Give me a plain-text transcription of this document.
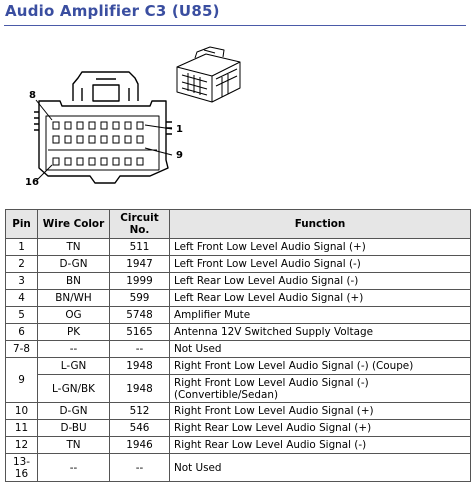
Audio Amplifier C3 (U85)
8
1
9
16
Pin	Wire Color	Circuit No.	Function
1	TN	511	Left Front Low Level Audio Signal (+)
2	D-GN	1947	Left Front Low Level Audio Signal (-)
3	BN	1999	Left Rear Low Level Audio Signal (-)
4	BN/WH	599	Left Rear Low Level Audio Signal (+)
5	OG	5748	Amplifier Mute
6	PK	5165	Antenna 12V Switched Supply Voltage
7-8	--	--	Not Used
9	L-GN	1948	Right Front Low Level Audio Signal (-) (Coupe)
	L-GN/BK	1948	Right Front Low Level Audio Signal (-) (Convertible/Sedan)
10	D-GN	512	Right Front Low Level Audio Signal (+)
11	D-BU	546	Right Rear Low Level Audio Signal (+)
12	TN	1946	Right Rear Low Level Audio Signal (-)
13-16	--	--	Not Used
